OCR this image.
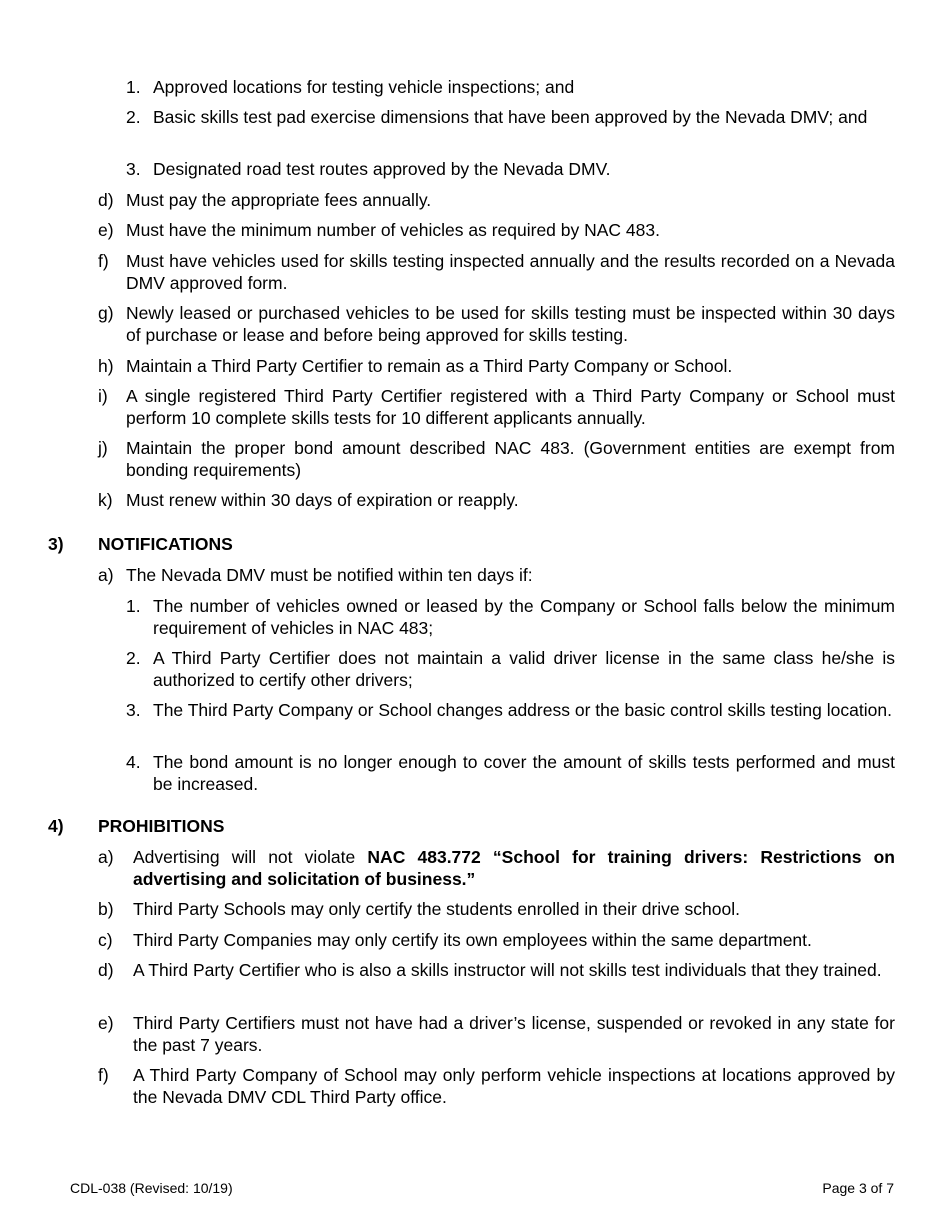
1. Approved locations for testing vehicle inspections; and
2. Basic skills test pad exercise dimensions that have been approved by the Nevada DMV; and
3. Designated road test routes approved by the Nevada DMV.
d) Must pay the appropriate fees annually.
e) Must have the minimum number of vehicles as required by NAC 483.
f) Must have vehicles used for skills testing inspected annually and the results recorded on a Nevada DMV approved form.
g) Newly leased or purchased vehicles to be used for skills testing must be inspected within 30 days of purchase or lease and before being approved for skills testing.
h) Maintain a Third Party Certifier to remain as a Third Party Company or School.
i) A single registered Third Party Certifier registered with a Third Party Company or School must perform 10 complete skills tests for 10 different applicants annually.
j) Maintain the proper bond amount described NAC 483. (Government entities are exempt from bonding requirements)
k) Must renew within 30 days of expiration or reapply.
3) NOTIFICATIONS
a) The Nevada DMV must be notified within ten days if:
1. The number of vehicles owned or leased by the Company or School falls below the minimum requirement of vehicles in NAC 483;
2. A Third Party Certifier does not maintain a valid driver license in the same class he/she is authorized to certify other drivers;
3. The Third Party Company or School changes address or the basic control skills testing location.
4. The bond amount is no longer enough to cover the amount of skills tests performed and must be increased.
4) PROHIBITIONS
a) Advertising will not violate NAC 483.772 “School for training drivers: Restrictions on advertising and solicitation of business.”
b) Third Party Schools may only certify the students enrolled in their drive school.
c) Third Party Companies may only certify its own employees within the same department.
d) A Third Party Certifier who is also a skills instructor will not skills test individuals that they trained.
e) Third Party Certifiers must not have had a driver’s license, suspended or revoked in any state for the past 7 years.
f) A Third Party Company of School may only perform vehicle inspections at locations approved by the Nevada DMV CDL Third Party office.
CDL-038 (Revised: 10/19)	Page 3 of 7
